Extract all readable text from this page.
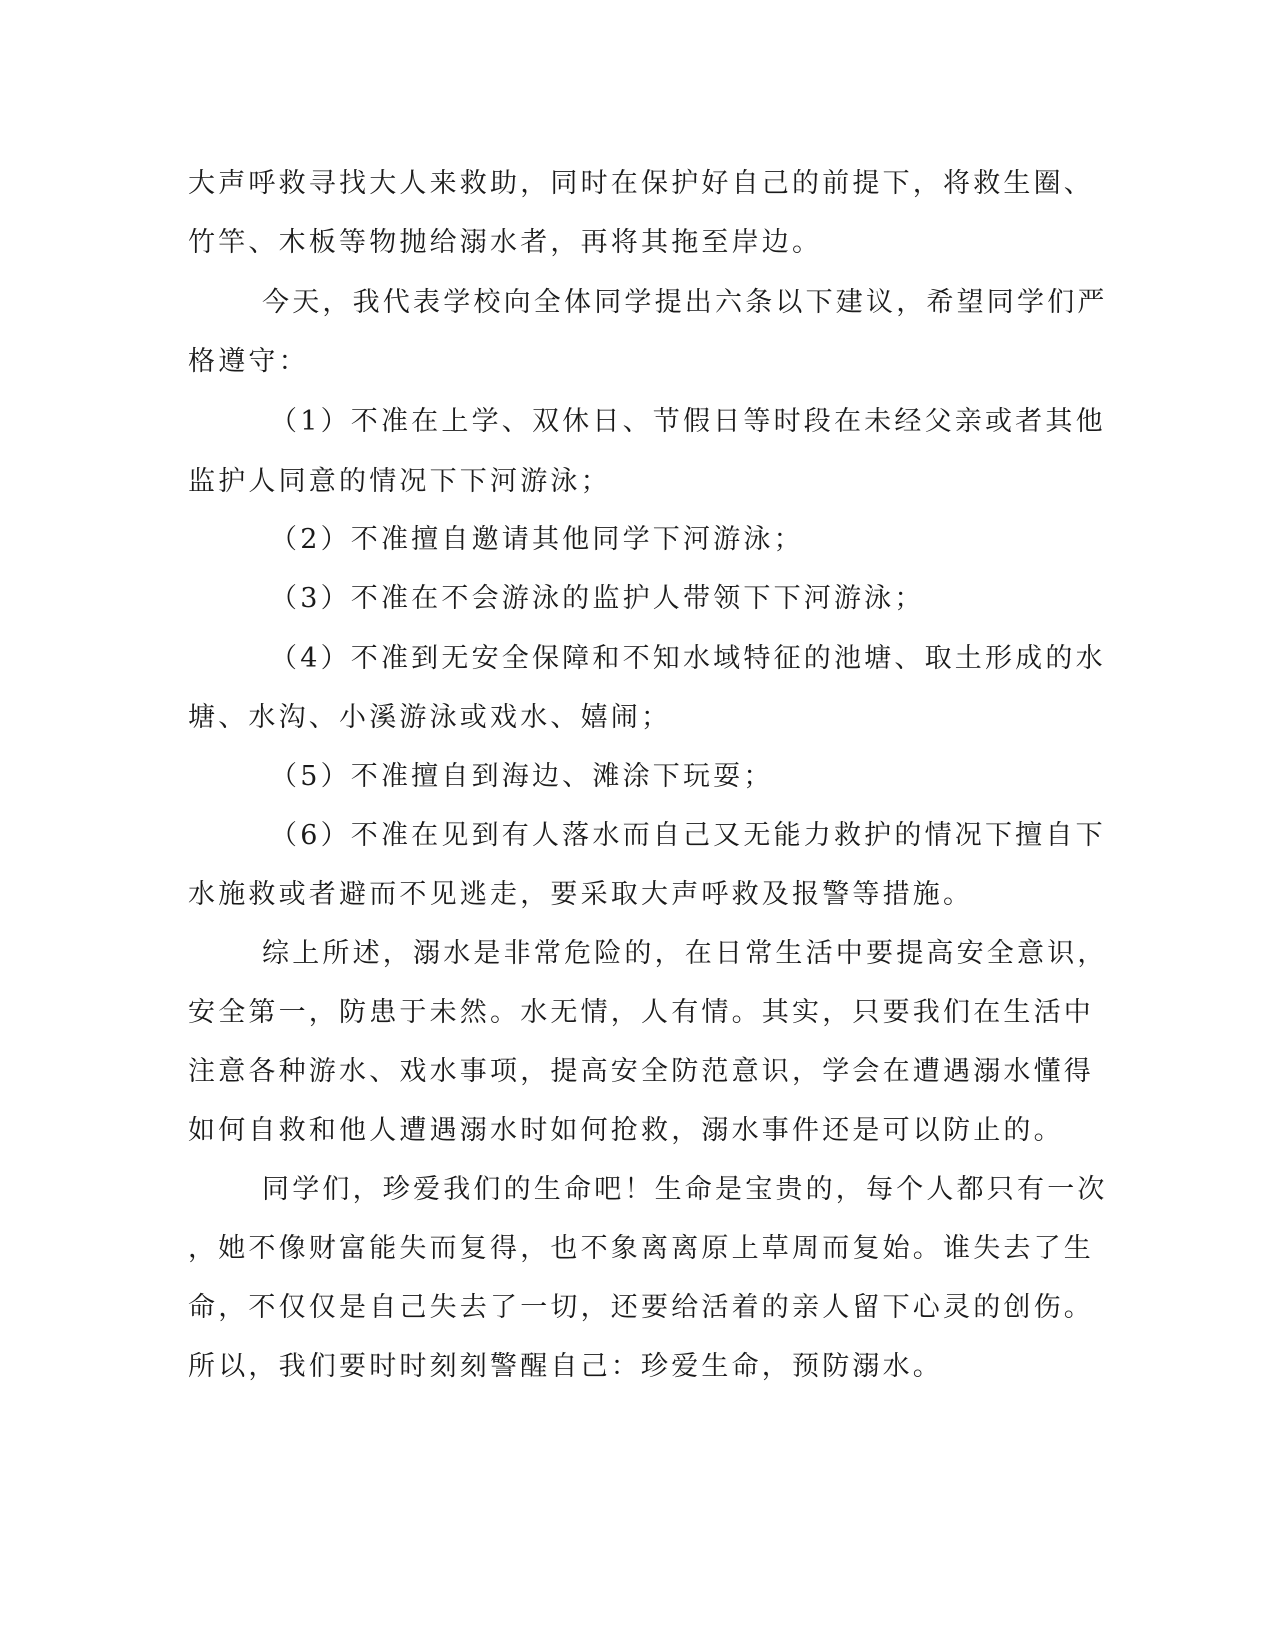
大声呼救寻找大人来救助，同时在保护好自己的前提下，将救生圈、
竹竿、木板等物抛给溺水者，再将其拖至岸边。
今天，我代表学校向全体同学提出六条以下建议，希望同学们严
格遵守：
（1）不准在上学、双休日、节假日等时段在未经父亲或者其他
监护人同意的情况下下河游泳；
（2）不准擅自邀请其他同学下河游泳；
（3）不准在不会游泳的监护人带领下下河游泳；
（4）不准到无安全保障和不知水域特征的池塘、取土形成的水
塘、水沟、小溪游泳或戏水、嬉闹；
（5）不准擅自到海边、滩涂下玩耍；
（6）不准在见到有人落水而自己又无能力救护的情况下擅自下
水施救或者避而不见逃走，要采取大声呼救及报警等措施。
综上所述，溺水是非常危险的，在日常生活中要提高安全意识，
安全第一，防患于未然。水无情，人有情。其实，只要我们在生活中
注意各种游水、戏水事项，提高安全防范意识，学会在遭遇溺水懂得
如何自救和他人遭遇溺水时如何抢救，溺水事件还是可以防止的。
同学们，珍爱我们的生命吧！生命是宝贵的，每个人都只有一次
，她不像财富能失而复得，也不象离离原上草周而复始。谁失去了生
命，不仅仅是自己失去了一切，还要给活着的亲人留下心灵的创伤。
所以，我们要时时刻刻警醒自己：珍爱生命，预防溺水。
